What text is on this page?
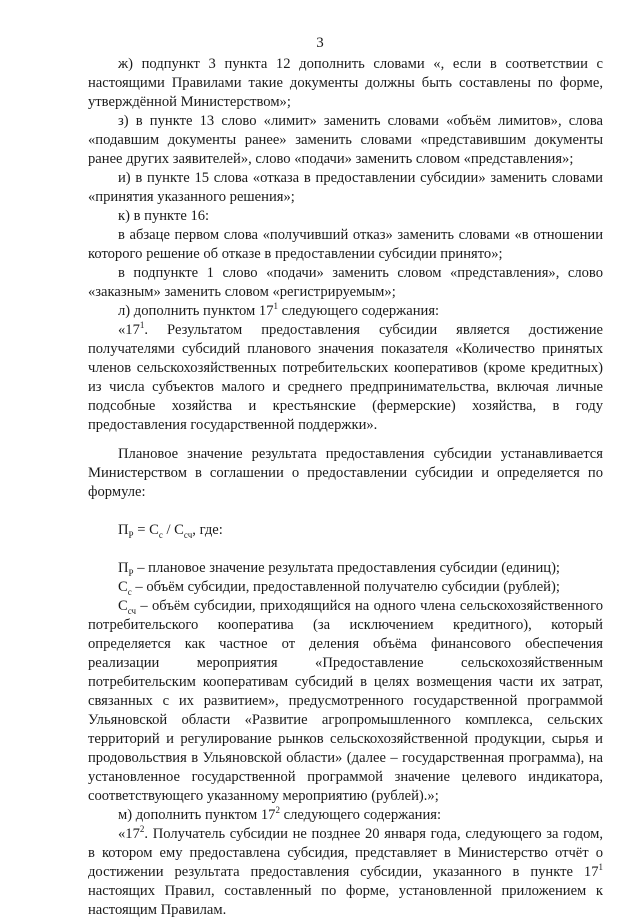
3

ж) подпункт 3 пункта 12 дополнить словами «, если в соответствии с настоящими Правилами такие документы должны быть составлены по форме, утверждённой Министерством»;

з) в пункте 13 слово «лимит» заменить словами «объём лимитов», слова «подавшим документы ранее» заменить словами «представившим документы ранее других заявителей», слово «подачи» заменить словом «представления»;

и) в пункте 15 слова «отказа в предоставлении субсидии» заменить словами «принятия указанного решения»;

к) в пункте 16:

в абзаце первом слова «получивший отказ» заменить словами «в отношении которого решение об отказе в предоставлении субсидии принято»;

в подпункте 1 слово «подачи» заменить словом «представления», слово «заказным» заменить словом «регистрируемым»;

л) дополнить пунктом $17^1$ следующего содержания:

«$17^1$. Результатом предоставления субсидии является достижение получателями субсидий планового значения показателя «Количество принятых членов сельскохозяйственных потребительских кооперативов (кроме кредитных) из числа субъектов малого и среднего предпринимательства, включая личные подсобные хозяйства и крестьянские (фермерские) хозяйства, в году предоставления государственной поддержки».

Плановое значение результата предоставления субсидии устанавливается Министерством в соглашении о предоставлении субсидии и определяется по формуле:

$П_Р = С_с / С_{сч}$, где:

$П_Р$ – плановое значение результата предоставления субсидии (единиц);

$С_с$ – объём субсидии, предоставленной получателю субсидии (рублей);

$С_{сч}$ – объём субсидии, приходящийся на одного члена сельскохозяйственного потребительского кооператива (за исключением кредитного), который определяется как частное от деления объёма финансового обеспечения реализации мероприятия «Предоставление сельскохозяйственным потребительским кооперативам субсидий в целях возмещения части их затрат, связанных с их развитием», предусмотренного государственной программой Ульяновской области «Развитие агропромышленного комплекса, сельских территорий и регулирование рынков сельскохозяйственной продукции, сырья и продовольствия в Ульяновской области» (далее – государственная программа), на установленное государственной программой значение целевого индикатора, соответствующего указанному мероприятию (рублей).»;

м) дополнить пунктом $17^2$ следующего содержания:

«$17^2$. Получатель субсидии не позднее 20 января года, следующего за годом, в котором ему предоставлена субсидия, представляет в Министерство отчёт о достижении результата предоставления субсидии, указанного в пункте $17^1$ настоящих Правил, составленный по форме, установленной приложением к настоящим Правилам.
